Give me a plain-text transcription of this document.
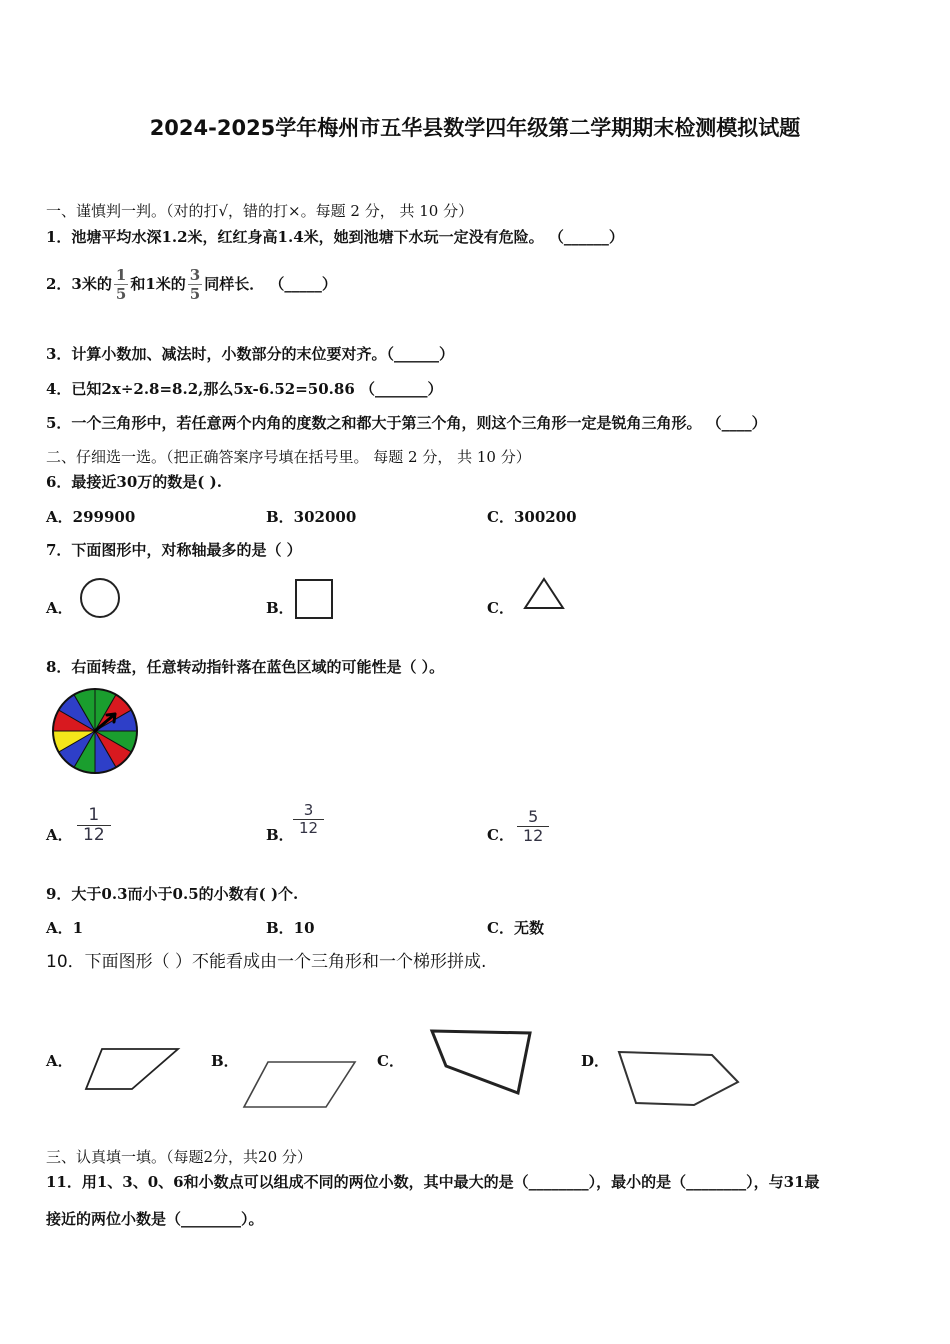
2024-2025学年梅州市五华县数学四年级第二学期期末检测模拟试题
一、谨慎判一判。（对的打√，错的打×。每题 2 分， 共 10 分）
1．池塘平均水深1.2米，红红身高1.4米，她到池塘下水玩一定没有危险。 （______）
2．3米的 $\frac{1}{5}$ 和1米的 $\frac{3}{5}$ 同样长． （_____）
3．计算小数加、减法时，小数部分的末位要对齐。（______）
4．已知2x÷2.8=8.2,那么5x-6.52=50.86 （_______）
5．一个三角形中，若任意两个内角的度数之和都大于第三个角，则这个三角形一定是锐角三角形。 （____）
二、仔细选一选。（把正确答案序号填在括号里。 每题 2 分， 共 10 分）
6．最接近30万的数是( ).
A．299900	B．302000	C．300200
7．下面图形中，对称轴最多的是（ ）
A．	B．	C．
8．右面转盘，任意转动指针落在蓝色区域的可能性是（ ）。
A． $\frac{1}{12}$	B． $\frac{3}{12}$	C． $\frac{5}{12}$
9．大于0.3而小于0.5的小数有( )个.
A．1	B．10	C．无数
10．下面图形（ ）不能看成由一个三角形和一个梯形拼成.
A．	B．	C．	D．
三、认真填一填。（每题2分，共20 分）
11．用1、3、0、6和小数点可以组成不同的两位小数，其中最大的是（________），最小的是（________），与31最
接近的两位小数是（________）。
